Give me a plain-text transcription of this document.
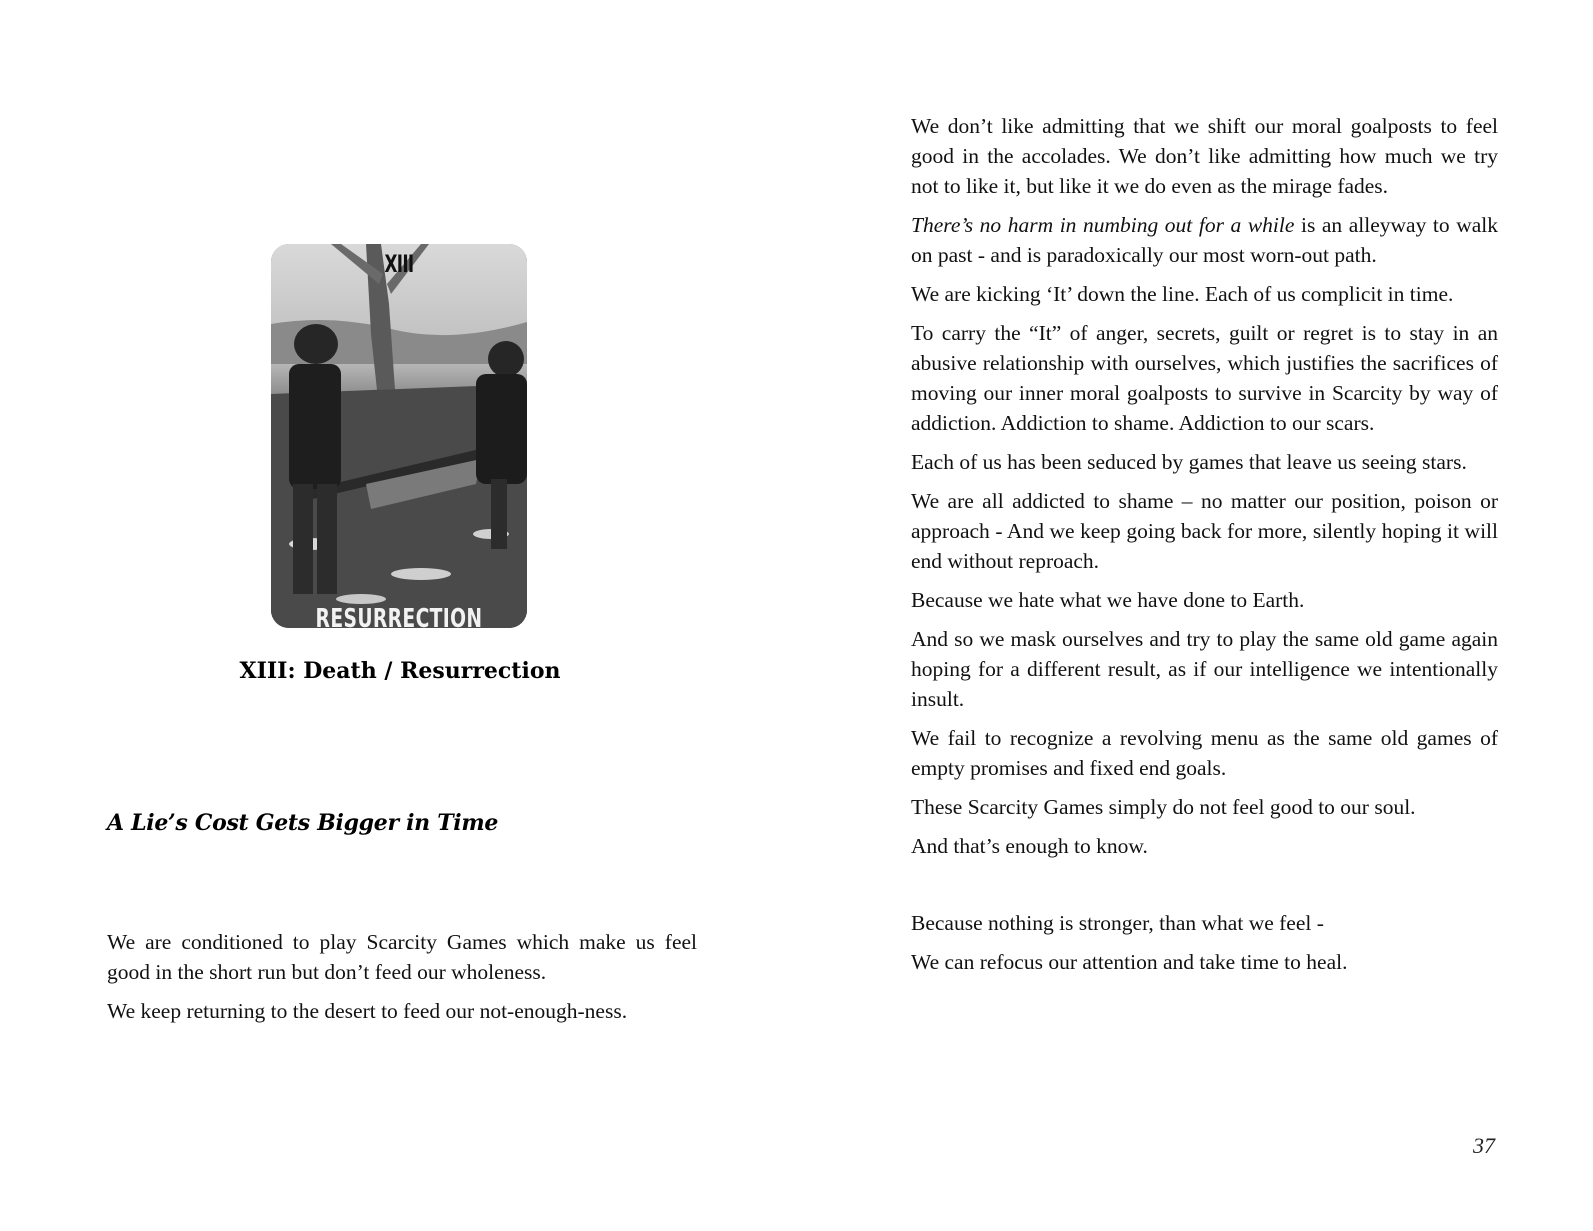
XIII
RESURRECTION

XIII: Death / Resurrection

A Lie’s Cost Gets Bigger in Time

We are conditioned to play Scarcity Games which make us feel good in the short run but don’t feed our wholeness.

We keep returning to the desert to feed our not-enough-ness.

We don’t like admitting that we shift our moral goalposts to feel good in the accolades. We don’t like admitting how much we try not to like it, but like it we do even as the mirage fades.

There’s no harm in numbing out for a while is an alleyway to walk on past - and is paradoxically our most worn-out path.

We are kicking ‘It’ down the line. Each of us complicit in time.

To carry the “It” of anger, secrets, guilt or regret is to stay in an abusive relationship with ourselves, which justifies the sacrifices of moving our inner moral goalposts to survive in Scarcity by way of addiction. Addiction to shame. Addiction to our scars.

Each of us has been seduced by games that leave us seeing stars.

We are all addicted to shame – no matter our position, poison or approach - And we keep going back for more, silently hoping it will end without reproach.

Because we hate what we have done to Earth.

And so we mask ourselves and try to play the same old game again hoping for a different result, as if our intelligence we intentionally insult.

We fail to recognize a revolving menu as the same old games of empty promises and fixed end goals.

These Scarcity Games simply do not feel good to our soul.

And that’s enough to know.

Because nothing is stronger, than what we feel -

We can refocus our attention and take time to heal.

37
